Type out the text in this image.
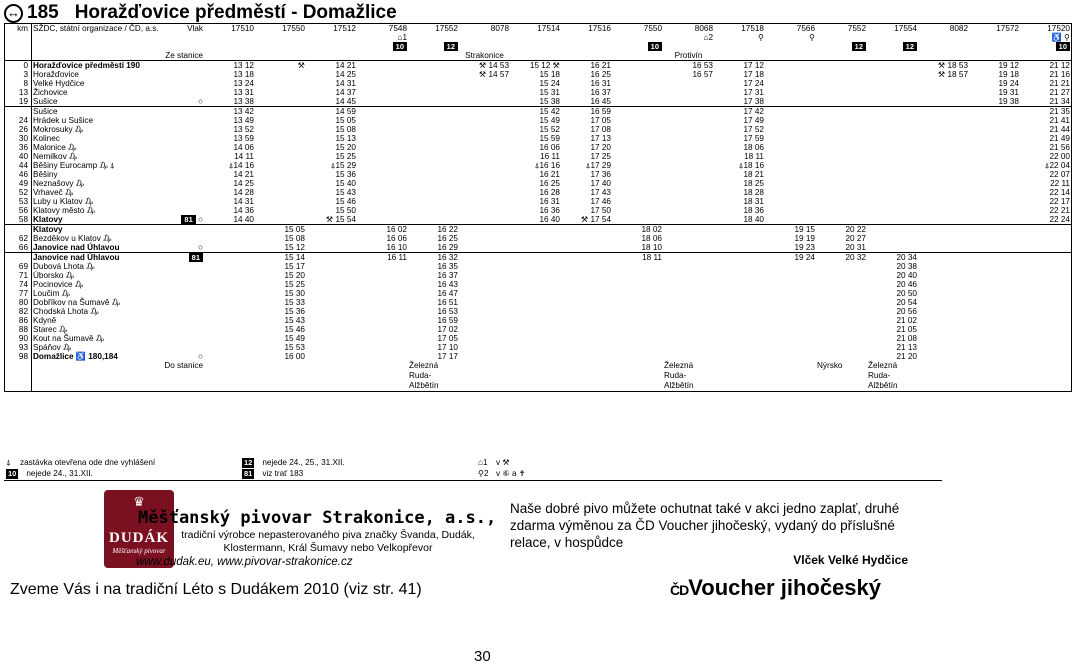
↔ 185 Horažďovice předměstí - Domažlice
km	SŽDC, státní organizace / ČD, a.s. Vlak	17510	17550	17512	7548	17552	8078	17514	17516	7550	8068	17518	7566	7552	17554	8082	17572	17520
					⌂1						⌂2	⚲	⚲					♿ ⚲
					10	12				10				12	12			10
	Ze stanice						Strakonice				Protivín							
0	Horažďovice předměstí 190	13 12	⚒	14 21			⚒ 14 53	15 12 ⚒	16 21		16 53	17 12				⚒ 18 53	19 12	21 12
3	Horažďovice	13 18		14 25			⚒ 14 57	15 18	16 25		16 57	17 18				⚒ 18 57	19 18	21 16
8	Velké Hydčice	13 24		14 31				15 24	16 31			17 24					19 24	21 21
13	Žichovice	13 31		14 37				15 31	16 37			17 31					19 31	21 27
19	Sušice ○	13 38		14 45				15 38	16 45			17 38					19 38	21 34
	Sušice	13 42		14 59				15 42	16 59			17 42						21 35
24	Hrádek u Sušice	13 49		15 05				15 49	17 05			17 49						21 41
26	Mokrosuky ₯	13 52		15 08				15 52	17 08			17 52						21 44
30	Kolinec	13 59		15 13				15 59	17 13			17 59						21 49
36	Malonice ₯	14 06		15 20				16 06	17 20			18 06						21 56
40	Nemilkov ₯	14 11		15 25				16 11	17 25			18 11						22 00
44	Běšiny Eurocamp ₯ ⍋	⍋14 16		⍋15 29				⍋16 16	⍋17 29			⍋18 16						⍋22 04
46	Běšiny	14 21		15 36				16 21	17 36			18 21						22 07
49	Neznašovy ₯	14 25		15 40				16 25	17 40			18 25						22 11
52	Vrhaveč ₯	14 28		15 43				16 28	17 43			18 28						22 14
53	Luby u Klatov ₯	14 31		15 46				16 31	17 46			18 31						22 17
56	Klatovy město ₯	14 36		15 50				16 36	17 50			18 36						22 21
58	Klatovy 81 ○	14 40		⚒ 15 54				16 40	⚒ 17 54			18 40						22 24
	Klatovy		15 05		16 02	16 22				18 02			19 15	20 22				
62	Bezděkov u Klatov ₯		15 08		16 06	16 25				18 06			19 19	20 27				
66	Janovice nad Úhlavou ○		15 12		16 10	16 29				18 10			19 23	20 31				
	Janovice nad Úhlavou 81		15 14		16 11	16 32				18 11			19 24	20 32	20 34			
69	Dubová Lhota ₯		15 17			16 35									20 38			
71	Úborsko ₯		15 20			16 37									20 40			
74	Pocinovice ₯		15 25			16 43									20 46			
77	Loučim ₯		15 30			16 47									20 50			
80	Dobříkov na Šumavě ₯		15 33			16 51									20 54			
82	Chodská Lhota ₯		15 36			16 53									20 56			
86	Kdyně		15 43			16 59									21 02			
88	Starec ₯		15 46			17 02									21 05			
90	Kout na Šumavě ₯		15 49			17 05									21 08			
93	Spáňov ₯		15 53			17 10									21 13			
98	Domažlice ♿ 180,184 ○		16 00			17 17									21 20			
	Do stanice					Železná Ruda-Alžbětín					Železná Ruda-Alžbětín			Nýrsko	Železná Ruda-Alžbětín			
⍋ zastávka otevřena ode dne vyhlášení
10 nejede 24., 31.XII.
12 nejede 24., 25., 31.XII.
81 viz trať 183
⌂1 v ⚒
⚲2 v ⑥ a ✝
♛
DUDÁK
Měšťanský pivovar
Měšťanský pivovar Strakonice, a.s.,
tradiční výrobce nepasterovaného piva značky Švanda, Dudák, Klostermann, Král Šumavy nebo Velkopřevor
www.dudak.eu, www.pivovar-strakonice.cz
Zveme Vás i na tradiční Léto s Dudákem 2010 (viz str. 41)
Naše dobré pivo můžete ochutnat také v akci jedno zaplať, druhé zdarma výměnou za ČD Voucher jihočeský, vydaný do příslušné relace, v hospůdce
Vlček Velké Hydčice
ČDVoucher jihočeský
30
